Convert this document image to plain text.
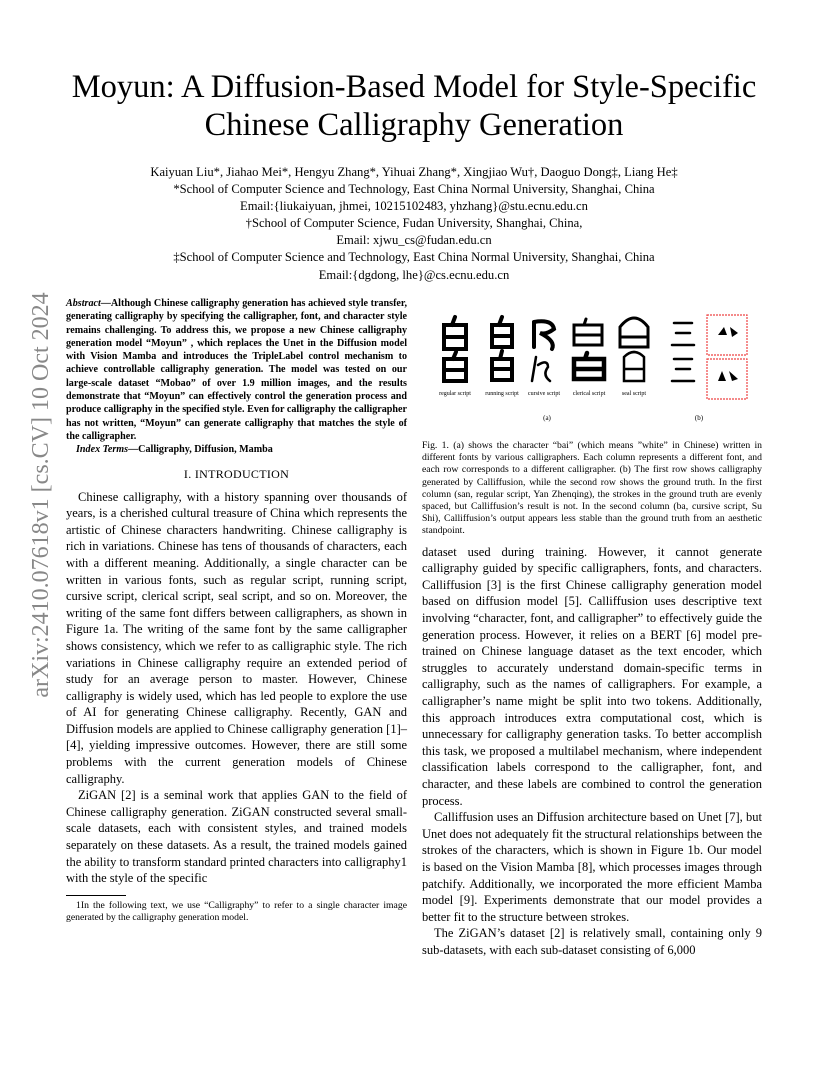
arXiv:2410.07618v1 [cs.CV] 10 Oct 2024
Moyun: A Diffusion-Based Model for Style-Specific
Chinese Calligraphy Generation
Kaiyuan Liu*, Jiahao Mei*, Hengyu Zhang*, Yihuai Zhang*, Xingjiao Wu†, Daoguo Dong‡, Liang He‡
*School of Computer Science and Technology, East China Normal University, Shanghai, China
Email:{liukaiyuan, jhmei, 10215102483, yhzhang}@stu.ecnu.edu.cn
†School of Computer Science, Fudan University, Shanghai, China,
Email: xjwu_cs@fudan.edu.cn
‡School of Computer Science and Technology, East China Normal University, Shanghai, China
Email:{dgdong, lhe}@cs.ecnu.edu.cn
Abstract—Although Chinese calligraphy generation has achieved style transfer, generating calligraphy by specifying the calligrapher, font, and character style remains challenging. To address this, we propose a new Chinese calligraphy generation model “Moyun” , which replaces the Unet in the Diffusion model with Vision Mamba and introduces the TripleLabel control mechanism to achieve controllable calligraphy generation. The model was tested on our large-scale dataset “Mobao” of over 1.9 million images, and the results demonstrate that “Moyun” can effectively control the generation process and produce calligraphy in the specified style. Even for calligraphy the calligrapher has not written, “Moyun” can generate calligraphy that matches the style of the calligrapher.
Index Terms—Calligraphy, Diffusion, Mamba
I. INTRODUCTION

Chinese calligraphy, with a history spanning over thousands of years, is a cherished cultural treasure of China which represents the artistic of Chinese characters handwriting. Chinese calligraphy is rich in variations. Chinese has tens of thousands of characters, each with a different meaning. Additionally, a single character can be written in various fonts, such as regular script, running script, cursive script, clerical script, seal script, and so on. Moreover, the writing of the same font differs between calligraphers, as shown in Figure 1a. The writing of the same font by the same calligrapher shows consistency, which we refer to as calligraphic style. The rich variations in Chinese calligraphy require an extended period of study for an average person to master. However, Chinese calligraphy is widely used, which has led people to explore the use of AI for generating Chinese calligraphy. Recently, GAN and Diffusion models are applied to Chinese calligraphy generation [1]–[4], yielding impressive outcomes. However, there are still some problems with the current generation models of Chinese calligraphy.

ZiGAN [2] is a seminal work that applies GAN to the field of Chinese calligraphy generation. ZiGAN constructed several small-scale datasets, each with consistent styles, and trained models separately on these datasets. As a result, the trained models gained the ability to transform standard printed characters into calligraphy1 with the style of the specific

1In the following text, we use “Calligraphy” to refer to a single character image generated by the calligraphy generation model.
regular script running script cursive script clerical script	seal script
(a)	(b)
Fig. 1. (a) shows the character “bai” (which means ”white” in Chinese) written in different fonts by various calligraphers. Each column represents a different font, and each row corresponds to a different calligrapher. (b) The first row shows calligraphy generated by Calliffusion, while the second row shows the ground truth. In the first column (san, regular script, Yan Zhenqing), the strokes in the ground truth are evenly spaced, but Calliffusion’s result is not. In the second column (ba, cursive script, Su Shi), Calliffusion’s output appears less stable than the ground truth from an aesthetic standpoint.

dataset used during training. However, it cannot generate calligraphy guided by specific calligraphers, fonts, and characters. Calliffusion [3] is the first Chinese calligraphy generation model based on diffusion model [5]. Calliffusion uses descriptive text involving “character, font, and calligrapher” to effectively guide the generation process. However, it relies on a BERT [6] model pre-trained on Chinese language dataset as the text encoder, which struggles to accurately understand domain-specific terms in calligraphy, such as the names of calligraphers. For example, a calligrapher’s name might be split into two tokens. Additionally, this approach introduces extra computational cost, which is unnecessary for calligraphy generation tasks. To better accomplish this task, we proposed a multilabel mechanism, where independent classification labels correspond to the calligrapher, font, and character, and these labels are combined to control the generation process.

Calliffusion uses an Diffusion architecture based on Unet [7], but Unet does not adequately fit the structural relationships between the strokes of the characters, which is shown in Figure 1b. Our model is based on the Vision Mamba [8], which processes images through patchify. Additionally, we incorporated the more efficient Mamba model [9]. Experiments demonstrate that our model provides a better fit to the structure between strokes.

The ZiGAN’s dataset [2] is relatively small, containing only 9 sub-datasets, with each sub-dataset consisting of 6,000
